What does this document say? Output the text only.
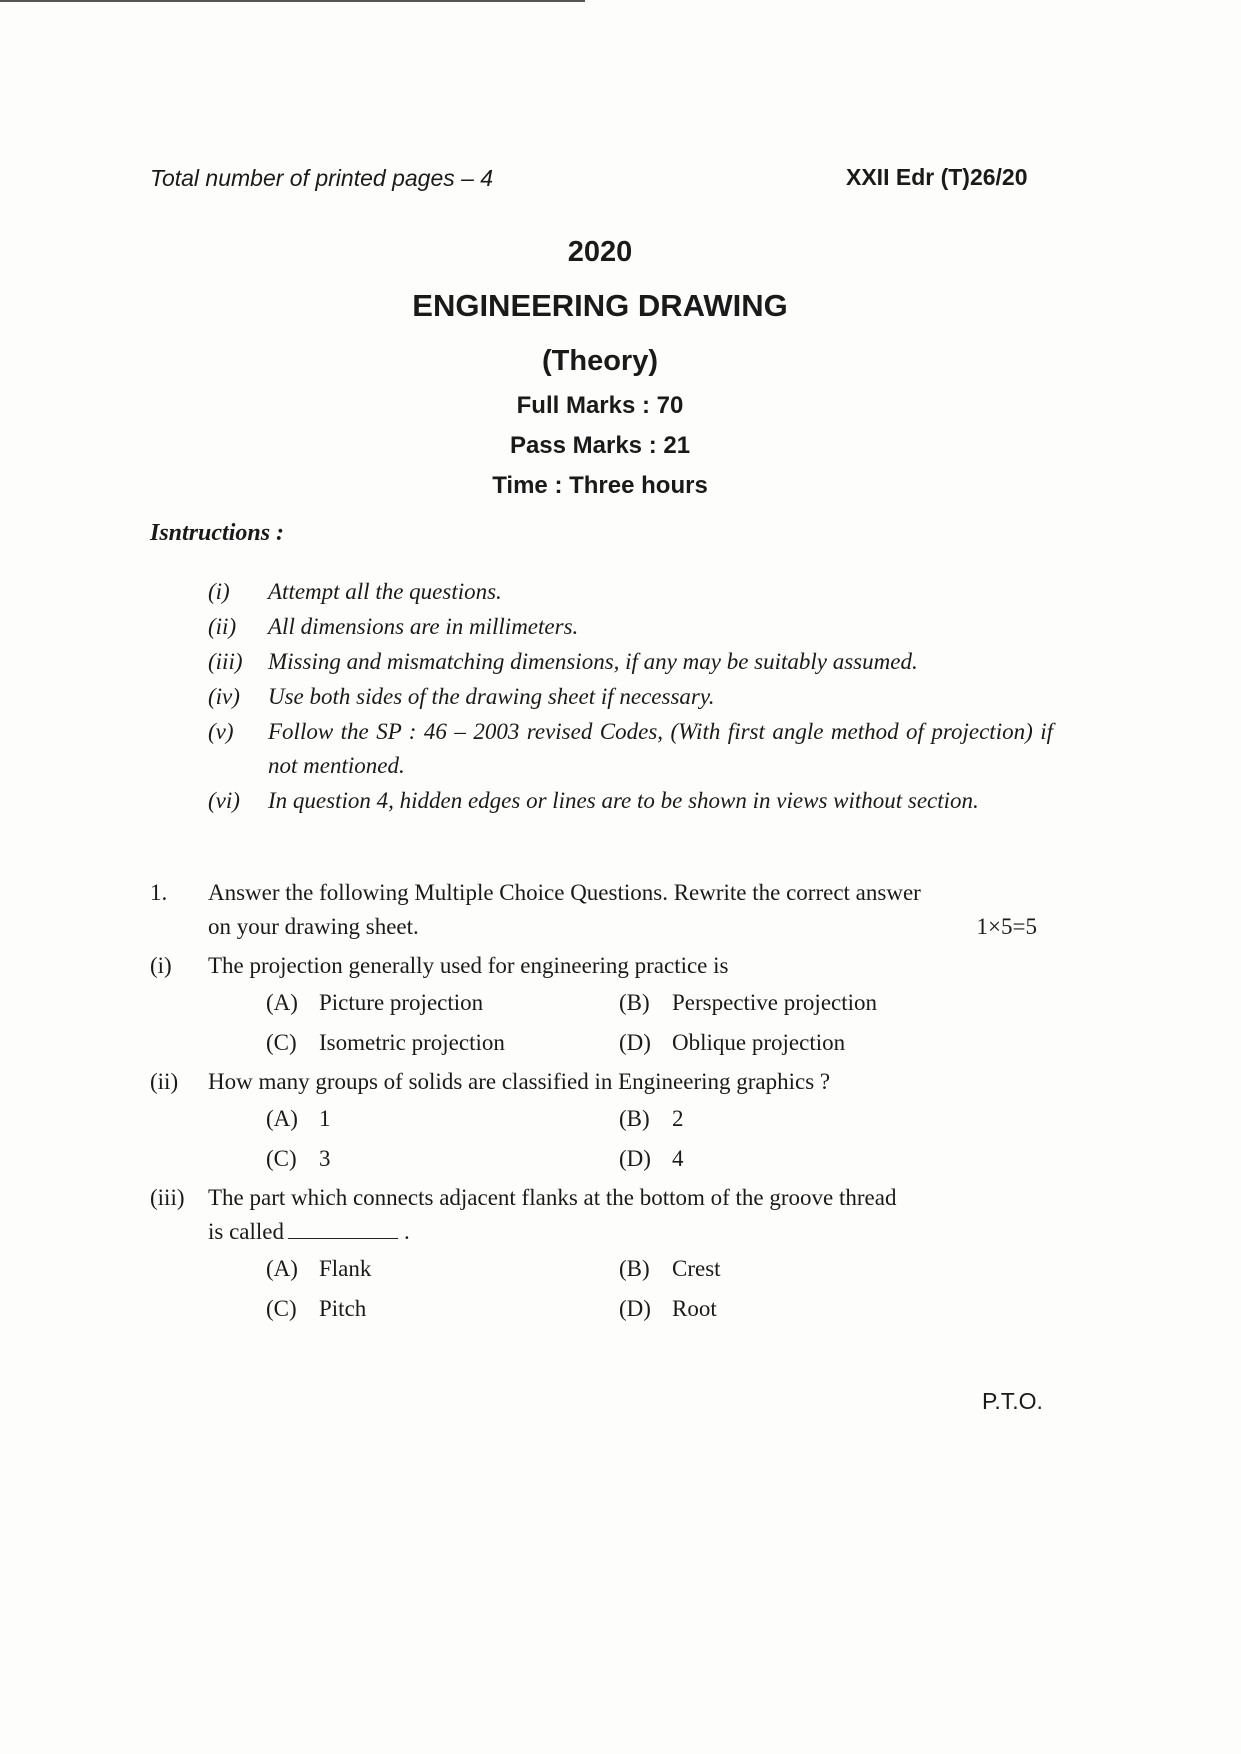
Total number of printed pages – 4	XXII Edr (T)26/20
2020
ENGINEERING DRAWING
(Theory)
Full Marks : 70
Pass Marks : 21
Time : Three hours
Isntructions :
(i)	Attempt all the questions.
(ii)	All dimensions are in millimeters.
(iii)	Missing and mismatching dimensions, if any may be suitably assumed.
(iv)	Use both sides of the drawing sheet if necessary.
(v)	Follow the SP : 46 – 2003 revised Codes, (With first angle method of projection) if not mentioned.
(vi)	In question 4, hidden edges or lines are to be shown in views without section.
1.	Answer the following Multiple Choice Questions. Rewrite the correct answer
on your drawing sheet.	1×5=5
(i)	The projection generally used for engineering practice is
(A) Picture projection	(B) Perspective projection
(C) Isometric projection	(D) Oblique projection
(ii)	How many groups of solids are classified in Engineering graphics ?
(A) 1	(B) 2
(C) 3	(D) 4
(iii)	The part which connects adjacent flanks at the bottom of the groove thread
is called	.
(A) Flank	(B) Crest
(C) Pitch	(D) Root
P.T.O.
